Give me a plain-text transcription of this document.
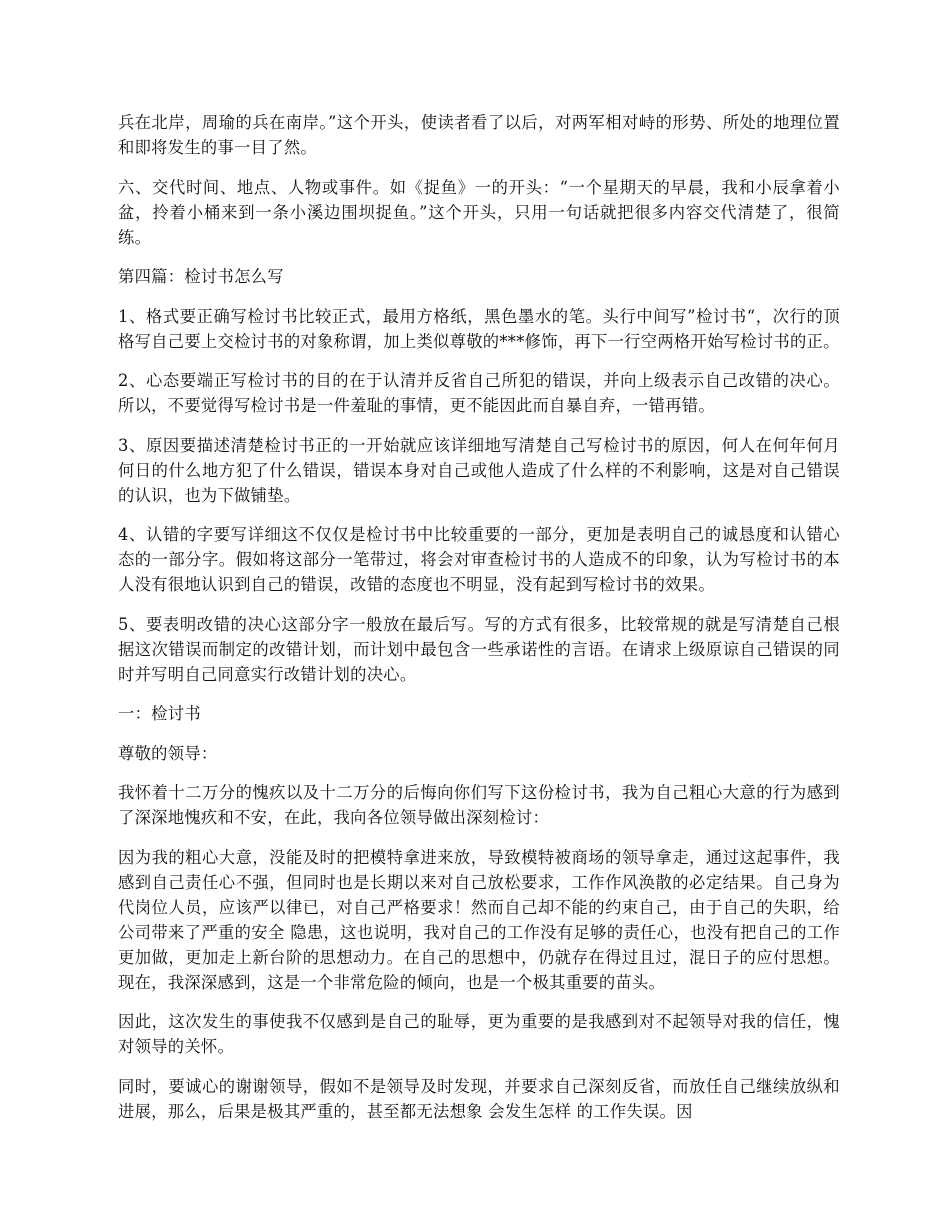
兵在北岸，周瑜的兵在南岸。”这个开头，使读者看了以后，对两军相对峙的形势、所处的地理位置和即将发生的事一目了然。

六、交代时间、地点、人物或事件。如《捉鱼》一的开头：“一个星期天的早晨，我和小辰拿着小盆，拎着小桶来到一条小溪边围坝捉鱼。”这个开头，只用一句话就把很多内容交代清楚了，很简练。

第四篇：检讨书怎么写

1、格式要正确写检讨书比较正式，最用方格纸，黑色墨水的笔。头行中间写”检讨书“，次行的顶格写自己要上交检讨书的对象称谓，加上类似尊敬的***修饰，再下一行空两格开始写检讨书的正。

2、心态要端正写检讨书的目的在于认清并反省自己所犯的错误，并向上级表示自己改错的决心。所以，不要觉得写检讨书是一件羞耻的事情，更不能因此而自暴自弃，一错再错。

3、原因要描述清楚检讨书正的一开始就应该详细地写清楚自己写检讨书的原因，何人在何年何月何日的什么地方犯了什么错误，错误本身对自己或他人造成了什么样的不利影响，这是对自己错误的认识，也为下做铺垫。

4、认错的字要写详细这不仅仅是检讨书中比较重要的一部分，更加是表明自己的诚恳度和认错心态的一部分字。假如将这部分一笔带过，将会对审查检讨书的人造成不的印象，认为写检讨书的本人没有很地认识到自己的错误，改错的态度也不明显，没有起到写检讨书的效果。

5、要表明改错的决心这部分字一般放在最后写。写的方式有很多，比较常规的就是写清楚自己根据这次错误而制定的改错计划，而计划中最包含一些承诺性的言语。在请求上级原谅自己错误的同时并写明自己同意实行改错计划的决心。

一：检讨书

尊敬的领导：

我怀着十二万分的愧疚以及十二万分的后悔向你们写下这份检讨书，我为自己粗心大意的行为感到了深深地愧疚和不安，在此，我向各位领导做出深刻检讨：

因为我的粗心大意，没能及时的把模特拿进来放，导致模特被商场的领导拿走，通过这起事件，我感到自己责任心不强，但同时也是长期以来对自己放松要求，工作作风涣散的必定结果。自己身为代岗位人员，应该严以律已，对自己严格要求！然而自己却不能的约束自己，由于自己的失职，给公司带来了严重的安全 隐患，这也说明，我对自己的工作没有足够的责任心，也没有把自己的工作更加做，更加走上新台阶的思想动力。在自己的思想中，仍就存在得过且过，混日子的应付思想。现在，我深深感到，这是一个非常危险的倾向，也是一个极其重要的苗头。

因此，这次发生的事使我不仅感到是自己的耻辱，更为重要的是我感到对不起领导对我的信任，愧对领导的关怀。

同时，要诚心的谢谢领导，假如不是领导及时发现，并要求自己深刻反省，而放任自己继续放纵和进展，那么，后果是极其严重的，甚至都无法想象 会发生怎样 的工作失误。因
